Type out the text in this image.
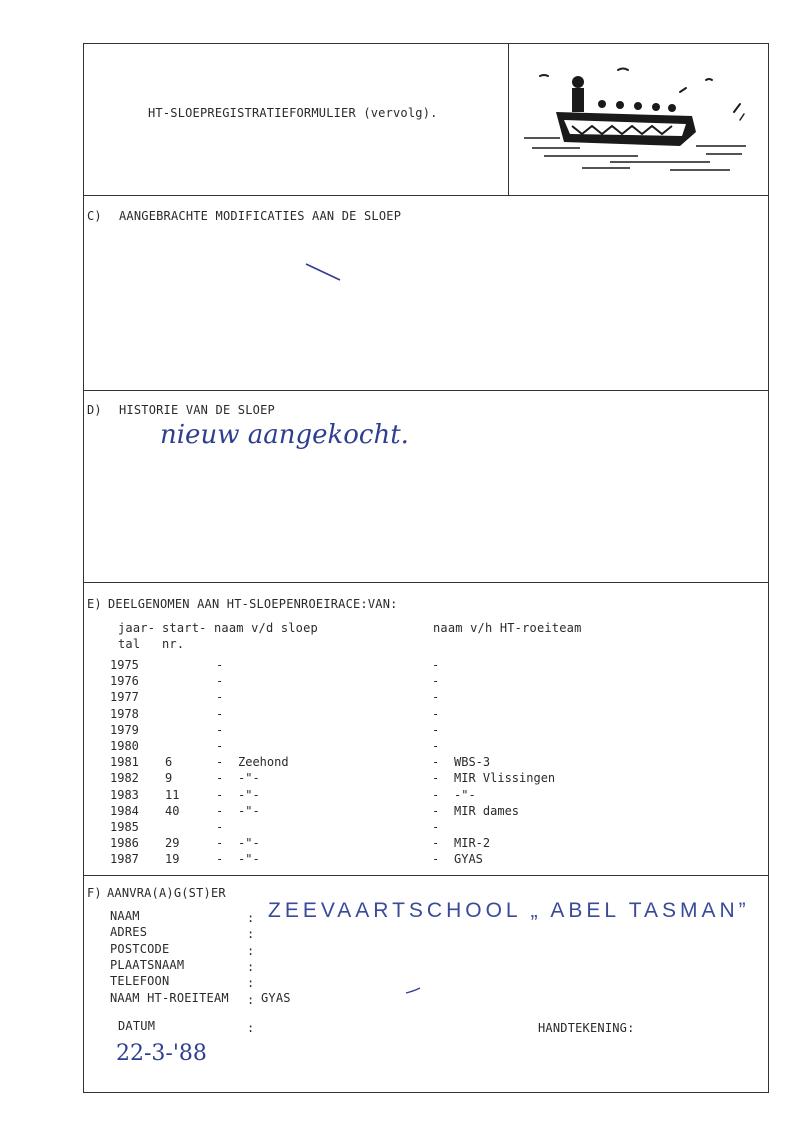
HT-SLOEPREGISTRATIEFORMULIER (vervolg).
C) AANGEBRACHTE MODIFICATIES AAN DE SLOEP
D) HISTORIE VAN DE SLOEP
nieuw aangekocht.
E) DEELGENOMEN AAN HT-SLOEPENROEIRACE:VAN:
jaar-
tal
start-
nr.
naam v/d sloep	naam v/h HT-roeiteam
1975	-	-
1976	-	-
1977	-	-
1978	-	-
1979	-	-
1980	-	-
1981 6	- Zeehond	- WBS-3
1982 9	- -"-	- MIR Vlissingen
1983 11	- -"-	- -"-
1984 40	- -"-	- MIR dames
1985	-	-
1986 29	- -"-	- MIR-2
1987 19	- -"-	- GYAS
F) AANVRA(A)G(ST)ER
NAAM	:
ADRES	:
POSTCODE	:
PLAATSNAAM	:
TELEFOON	:
NAAM HT-ROEITEAM : GYAS
ZEEVAARTSCHOOL „ ABEL TASMAN”
DATUM	:	HANDTEKENING:
22-3-'88
